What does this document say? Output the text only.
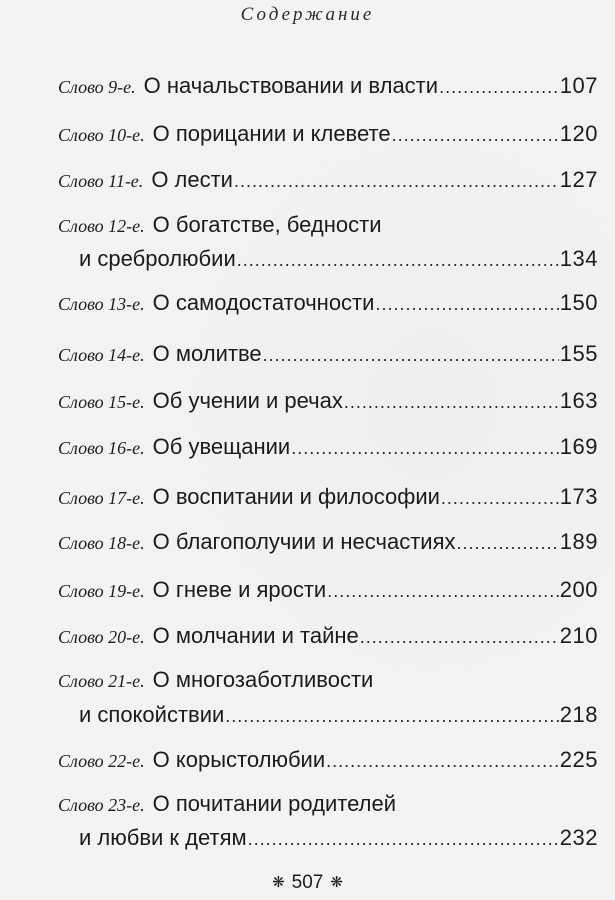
Содержание
Слово 9-е. О начальствовании и власти .....	107
Слово 10-е. О порицании и клевете .....	120
Слово 11-е. О лести .....	127
Слово 12-е. О богатстве, бедности
и сребролюбии .....	134
Слово 13-е. О самодостаточности .....	150
Слово 14-е. О молитве .....	155
Слово 15-е. Об учении и речах .....	163
Слово 16-е. Об увещании .....	169
Слово 17-е. О воспитании и философии .....	173
Слово 18-е. О благополучии и несчастиях .....	189
Слово 19-е. О гневе и ярости .....	200
Слово 20-е. О молчании и тайне .....	210
Слово 21-е. О многозаботливости
и спокойствии .....	218
Слово 22-е. О корыстолюбии .....	225
Слово 23-е. О почитании родителей
и любви к детям .....	232
❋ 507 ❋
